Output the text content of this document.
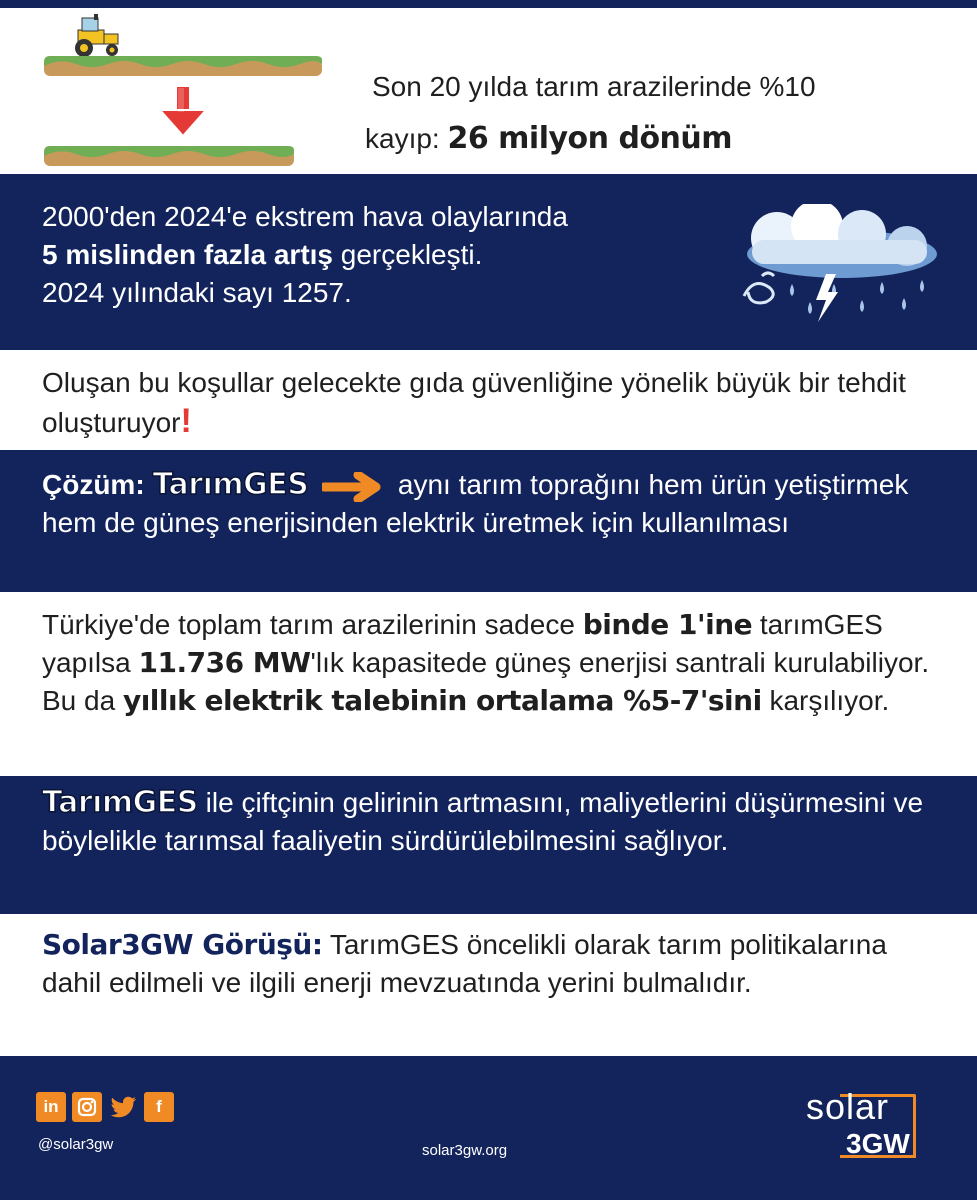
Son 20 yılda tarım arazilerinde %10
kayıp: 26 milyon dönüm
2000'den 2024'e ekstrem hava olaylarında
5 mislinden fazla artış gerçekleşti.
2024 yılındaki sayı 1257.
Oluşan bu koşullar gelecekte gıda güvenliğine yönelik büyük bir tehdit oluşturuyor!
Çözüm: TarımGES	aynı tarım toprağını hem ürün yetiştirmek hem de güneş enerjisinden elektrik üretmek için kullanılması
Türkiye'de toplam tarım arazilerinin sadece binde 1'ine tarımGES yapılsa 11.736 MW'lık kapasitede güneş enerjisi santrali kurulabiliyor. Bu da yıllık elektrik talebinin ortalama %5-7'sini karşılıyor.
TarımGES ile çiftçinin gelirinin artmasını, maliyetlerini düşürmesini ve böylelikle tarımsal faaliyetin sürdürülebilmesini sağlıyor.
Solar3GW Görüşü: TarımGES öncelikli olarak tarım politikalarına dahil edilmeli ve ilgili enerji mevzuatında yerini bulmalıdır.
in	f
@solar3gw	solar3gw.org
solar
3GW
